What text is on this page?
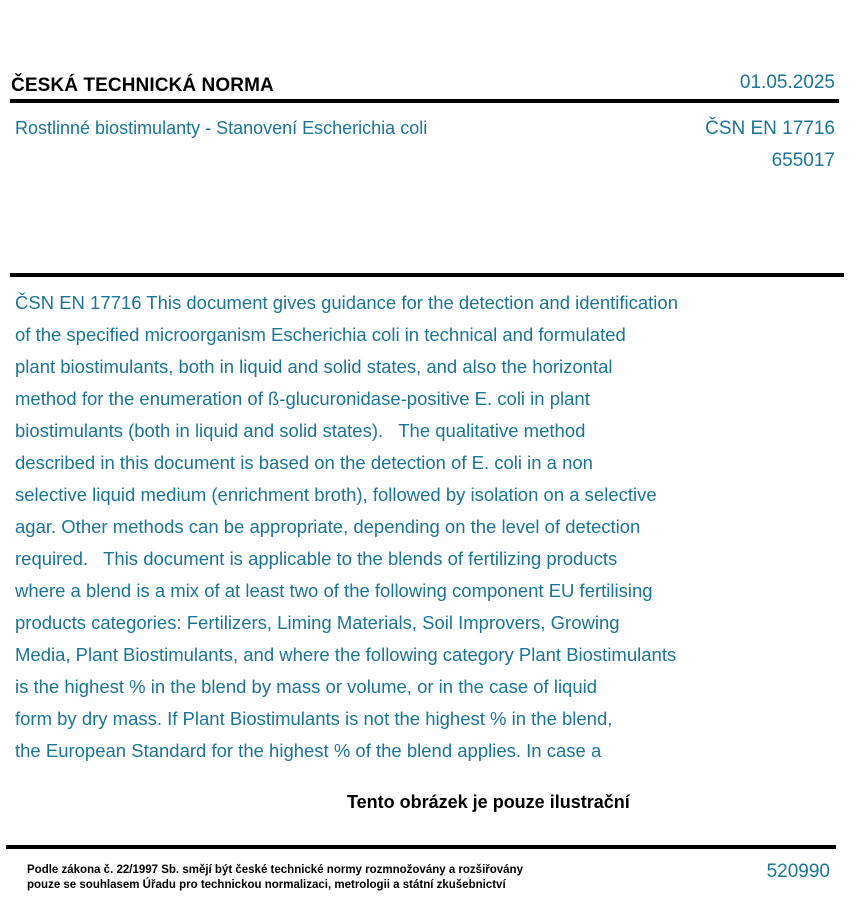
ČESKÁ TECHNICKÁ NORMA	01.05.2025
Rostlinné biostimulanty - Stanovení Escherichia coli	ČSN EN 17716
655017
ČSN EN 17716 This document gives guidance for the detection and identification
of the specified microorganism Escherichia coli in technical and formulated
plant biostimulants, both in liquid and solid states, and also the horizontal
method for the enumeration of ß-glucuronidase-positive E. coli in plant
biostimulants (both in liquid and solid states).   The qualitative method
described in this document is based on the detection of E. coli in a non
selective liquid medium (enrichment broth), followed by isolation on a selective
agar. Other methods can be appropriate, depending on the level of detection
required.   This document is applicable to the blends of fertilizing products
where a blend is a mix of at least two of the following component EU fertilising
products categories: Fertilizers, Liming Materials, Soil Improvers, Growing
Media, Plant Biostimulants, and where the following category Plant Biostimulants
is the highest % in the blend by mass or volume, or in the case of liquid
form by dry mass. If Plant Biostimulants is not the highest % in the blend,
the European Standard for the highest % of the blend applies. In case a
Tento obrázek je pouze ilustrační
Podle zákona č. 22/1997 Sb. smějí být české technické normy rozmnožovány a rozšiřovány
pouze se souhlasem Úřadu pro technickou normalizaci, metrologii a státní zkušebnictví
520990
